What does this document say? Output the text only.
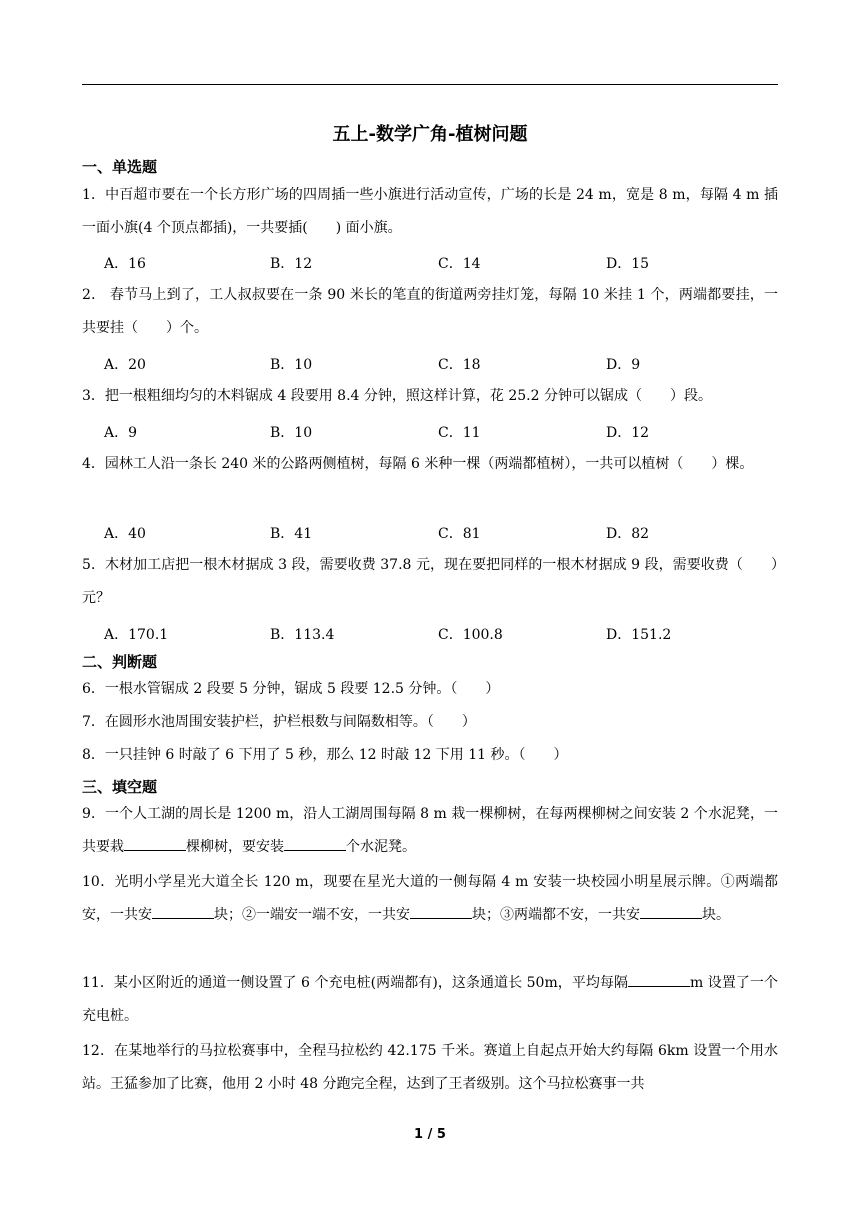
五上-数学广角-植树问题
一、单选题
1．中百超市要在一个长方形广场的四周插一些小旗进行活动宣传，广场的长是 24 m，宽是 8 m，每隔 4 m 插一面小旗(4 个顶点都插)，一共要插(　　) 面小旗。
A．16	B．12	C．14	D．15
2． 春节马上到了，工人叔叔要在一条 90 米长的笔直的街道两旁挂灯笼，每隔 10 米挂 1 个，两端都要挂，一共要挂（　　）个。
A．20	B．10	C．18	D．9
3．把一根粗细均匀的木料锯成 4 段要用 8.4 分钟，照这样计算，花 25.2 分钟可以锯成（　　）段。
A．9	B．10	C．11	D．12
4．园林工人沿一条长 240 米的公路两侧植树，每隔 6 米种一棵（两端都植树），一共可以植树（　　）棵。
A．40	B．41	C．81	D．82
5．木材加工店把一根木材据成 3 段，需要收费 37.8 元，现在要把同样的一根木材据成 9 段，需要收费（　　）元？
A．170.1	B．113.4	C．100.8	D．151.2
二、判断题
6．一根水管锯成 2 段要 5 分钟，锯成 5 段要 12.5 分钟。（　　）
7．在圆形水池周围安装护栏，护栏根数与间隔数相等。（　　）
8．一只挂钟 6 时敲了 6 下用了 5 秒，那么 12 时敲 12 下用 11 秒。（　　）
三、填空题
9．一个人工湖的周长是 1200 m，沿人工湖周围每隔 8 m 栽一棵柳树，在每两棵柳树之间安装 2 个水泥凳，一共要栽	棵柳树，要安装	个水泥凳。
10．光明小学星光大道全长 120 m，现要在星光大道的一侧每隔 4 m 安装一块校园小明星展示牌。①两端都安，一共安	块；②一端安一端不安，一共安	块；③两端都不安，一共安	块。
11．某小区附近的通道一侧设置了 6 个充电桩(两端都有)，这条通道长 50m，平均每隔	m 设置了一个充电桩。
12．在某地举行的马拉松赛事中，全程马拉松约 42.175 千米。赛道上自起点开始大约每隔 6km 设置一个用水站。王猛参加了比赛，他用 2 小时 48 分跑完全程，达到了王者级别。这个马拉松赛事一共
1 / 5
